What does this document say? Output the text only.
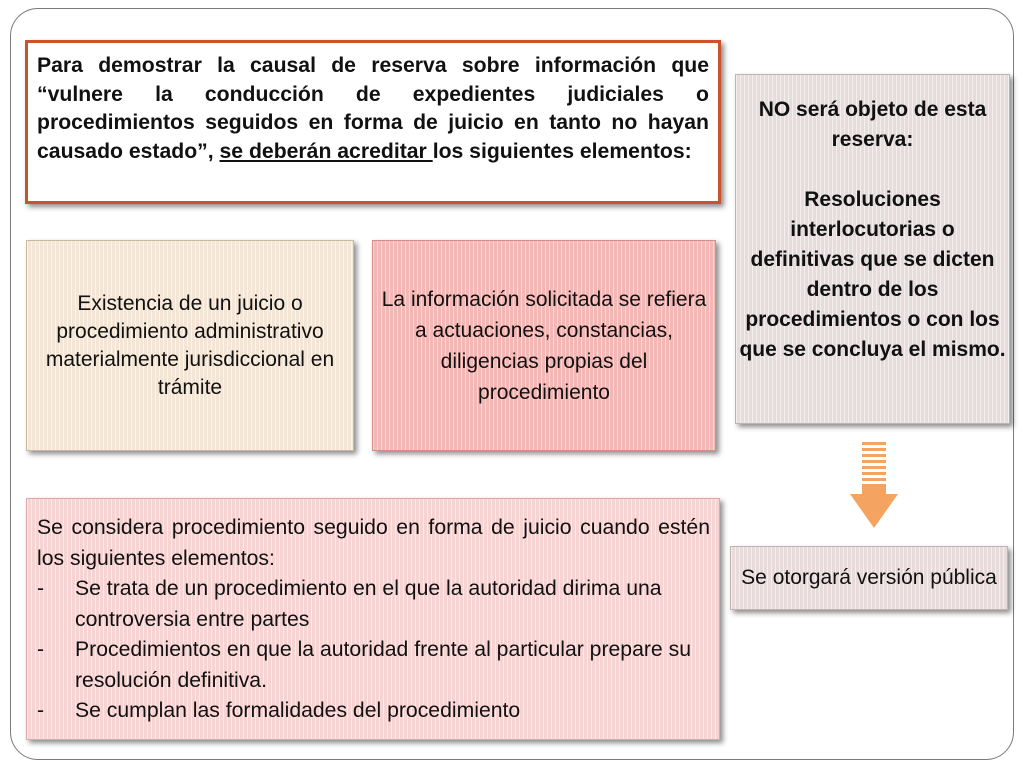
Para demostrar la causal de reserva sobre información que “vulnere la conducción de expedientes judiciales o procedimientos seguidos en forma de juicio en tanto no hayan causado estado”, se deberán acreditar los siguientes elementos:
Existencia de un juicio o procedimiento administrativo materialmente jurisdiccional en trámite
La información solicitada se refiera a actuaciones, constancias, diligencias propias del procedimiento
NO será objeto de esta reserva:
Resoluciones interlocutorias o definitivas que se dicten dentro de los procedimientos o con los que se concluya el mismo.
Se otorgará versión pública
Se considera procedimiento seguido en forma de juicio cuando estén los siguientes elementos:
-	Se trata de un procedimiento en el que la autoridad dirima una controversia entre partes
-	Procedimientos en que la autoridad frente al particular prepare su resolución definitiva.
-	Se cumplan las formalidades del procedimiento
